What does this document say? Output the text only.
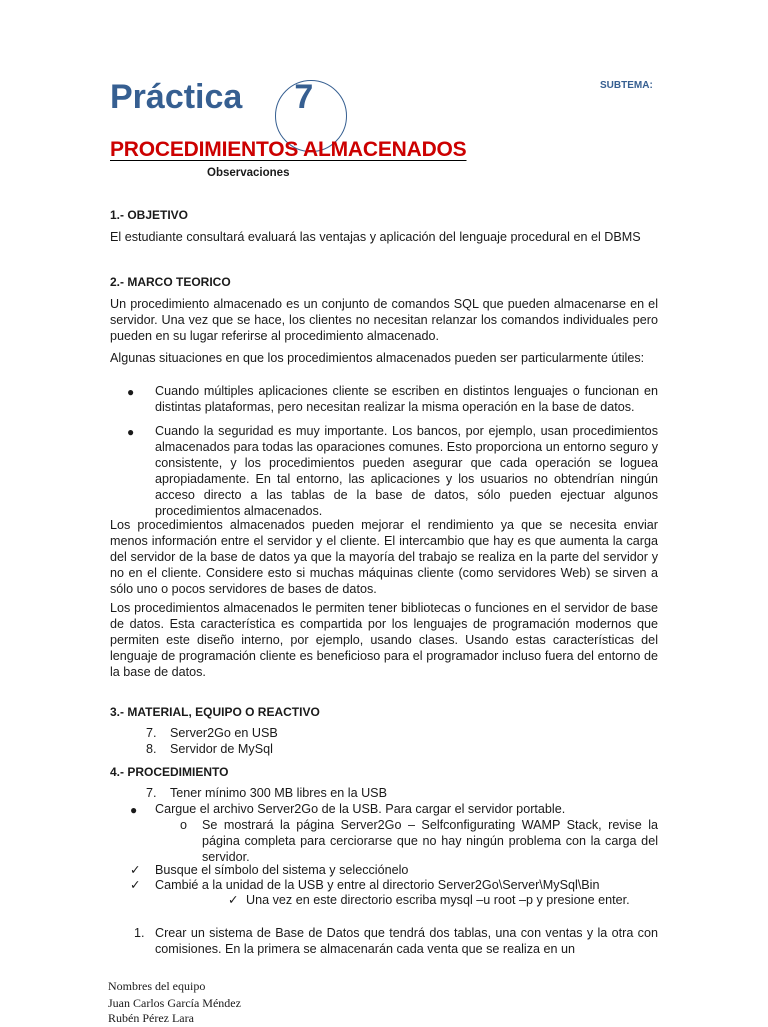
Práctica 7	SUBTEMA:
PROCEDIMIENTOS ALMACENADOS
Observaciones
1.- OBJETIVO
El estudiante consultará evaluará las ventajas y aplicación del lenguaje procedural en el DBMS
2.- MARCO TEORICO
Un procedimiento almacenado es un conjunto de comandos SQL que pueden almacenarse en el servidor. Una vez que se hace, los clientes no necesitan relanzar los comandos individuales pero pueden en su lugar referirse al procedimiento almacenado.
Algunas situaciones en que los procedimientos almacenados pueden ser particularmente útiles:
● Cuando múltiples aplicaciones cliente se escriben en distintos lenguajes o funcionan en distintas plataformas, pero necesitan realizar la misma operación en la base de datos.
● Cuando la seguridad es muy importante. Los bancos, por ejemplo, usan procedimientos almacenados para todas las oparaciones comunes. Esto proporciona un entorno seguro y consistente, y los procedimientos pueden asegurar que cada operación se loguea apropiadamente. En tal entorno, las aplicaciones y los usuarios no obtendrían ningún acceso directo a las tablas de la base de datos, sólo pueden ejectuar algunos procedimientos almacenados.
Los procedimientos almacenados pueden mejorar el rendimiento ya que se necesita enviar menos información entre el servidor y el cliente. El intercambio que hay es que aumenta la carga del servidor de la base de datos ya que la mayoría del trabajo se realiza en la parte del servidor y no en el cliente. Considere esto si muchas máquinas cliente (como servidores Web) se sirven a sólo uno o pocos servidores de bases de datos.
Los procedimientos almacenados le permiten tener bibliotecas o funciones en el servidor de base de datos. Esta característica es compartida por los lenguajes de programación modernos que permiten este diseño interno, por ejemplo, usando clases. Usando estas características del lenguaje de programación cliente es beneficioso para el programador incluso fuera del entorno de la base de datos.
3.- MATERIAL, EQUIPO O REACTIVO
7. Server2Go en USB
8. Servidor de MySql
4.- PROCEDIMIENTO
7. Tener mínimo 300 MB libres en la USB
● Cargue el archivo Server2Go de la USB. Para cargar el servidor portable.
o Se mostrará la página Server2Go – Selfconfigurating WAMP Stack, revise la página completa para cerciorarse que no hay ningún problema con la carga del servidor.
✓ Busque el símbolo del sistema y selecciónelo
✓ Cambié a la unidad de la USB y entre al directorio Server2Go\Server\MySql\Bin
✓ Una vez en este directorio escriba mysql –u root –p y presione enter.
1. Crear un sistema de Base de Datos que tendrá dos tablas, una con ventas y la otra con comisiones. En la primera se almacenarán cada venta que se realiza en un
Nombres del equipo
Juan Carlos García Méndez
Rubén Pérez Lara
